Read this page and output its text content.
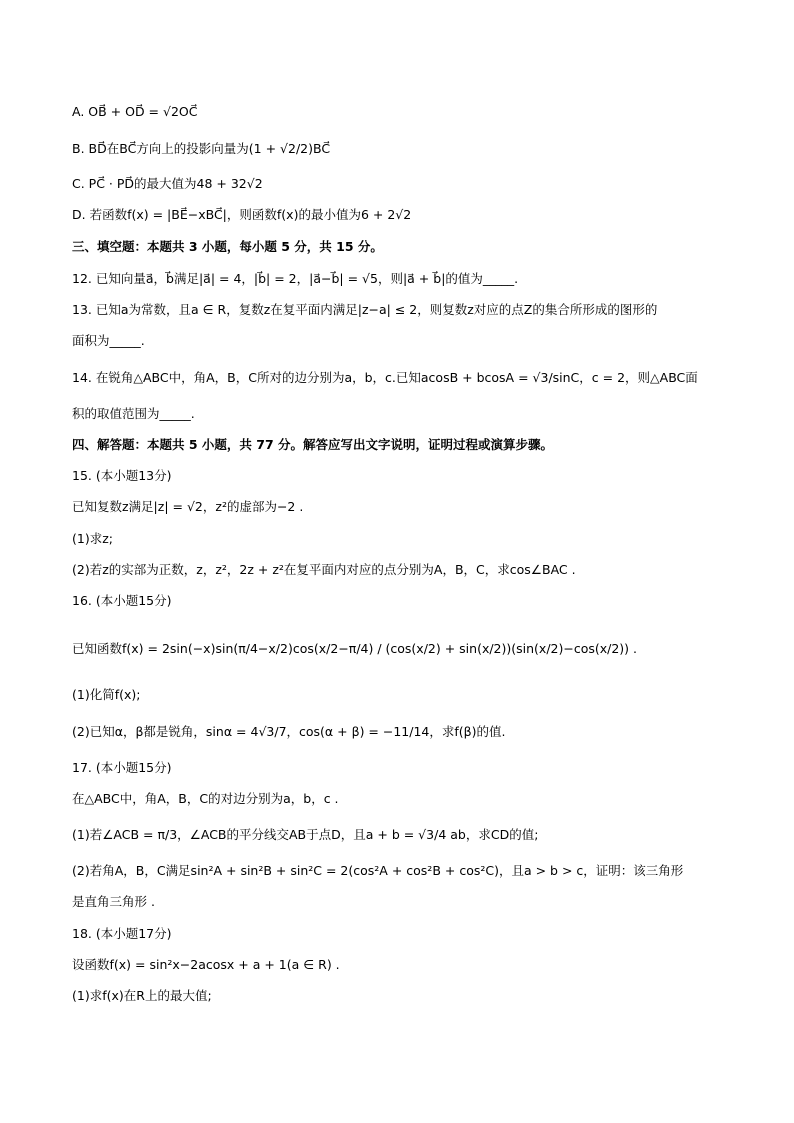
A. OB⃗ + OD⃗ = √2OC⃗
B. BD⃗在BC⃗方向上的投影向量为(1 + √2/2)BC⃗
C. PC⃗ · PD⃗的最大值为48 + 32√2
D. 若函数f(x) = |BE⃗−xBC⃗|，则函数f(x)的最小值为6 + 2√2
三、填空题：本题共 3 小题，每小题 5 分，共 15 分。
12. 已知向量a⃗，b⃗满足|a⃗| = 4，|b⃗| = 2，|a⃗−b⃗| = √5，则|a⃗ + b⃗|的值为_____.
13. 已知a为常数，且a ∈ R，复数z在复平面内满足|z−a| ≤ 2，则复数z对应的点Z的集合所形成的图形的
面积为_____.
14. 在锐角△ABC中，角A，B，C所对的边分别为a，b，c.已知acosB + bcosA = √3/sinC，c = 2，则△ABC面
积的取值范围为_____.
四、解答题：本题共 5 小题，共 77 分。解答应写出文字说明，证明过程或演算步骤。
15. (本小题13分)
已知复数z满足|z| = √2，z²的虚部为−2 .
(1)求z;
(2)若z的实部为正数，z，z²，2z + z²在复平面内对应的点分别为A，B，C，求cos∠BAC .
16. (本小题15分)
已知函数f(x) = 2sin(−x)sin(π/4−x/2)cos(x/2−π/4) / (cos(x/2) + sin(x/2))(sin(x/2)−cos(x/2)) .
(1)化简f(x);
(2)已知α，β都是锐角，sinα = 4√3/7，cos(α + β) = −11/14，求f(β)的值.
17. (本小题15分)
在△ABC中，角A，B，C的对边分别为a，b，c .
(1)若∠ACB = π/3，∠ACB的平分线交AB于点D，且a + b = √3/4 ab，求CD的值;
(2)若角A，B，C满足sin²A + sin²B + sin²C = 2(cos²A + cos²B + cos²C)，且a > b > c，证明：该三角形
是直角三角形 .
18. (本小题17分)
设函数f(x) = sin²x−2acosx + a + 1(a ∈ R) .
(1)求f(x)在R上的最大值;
